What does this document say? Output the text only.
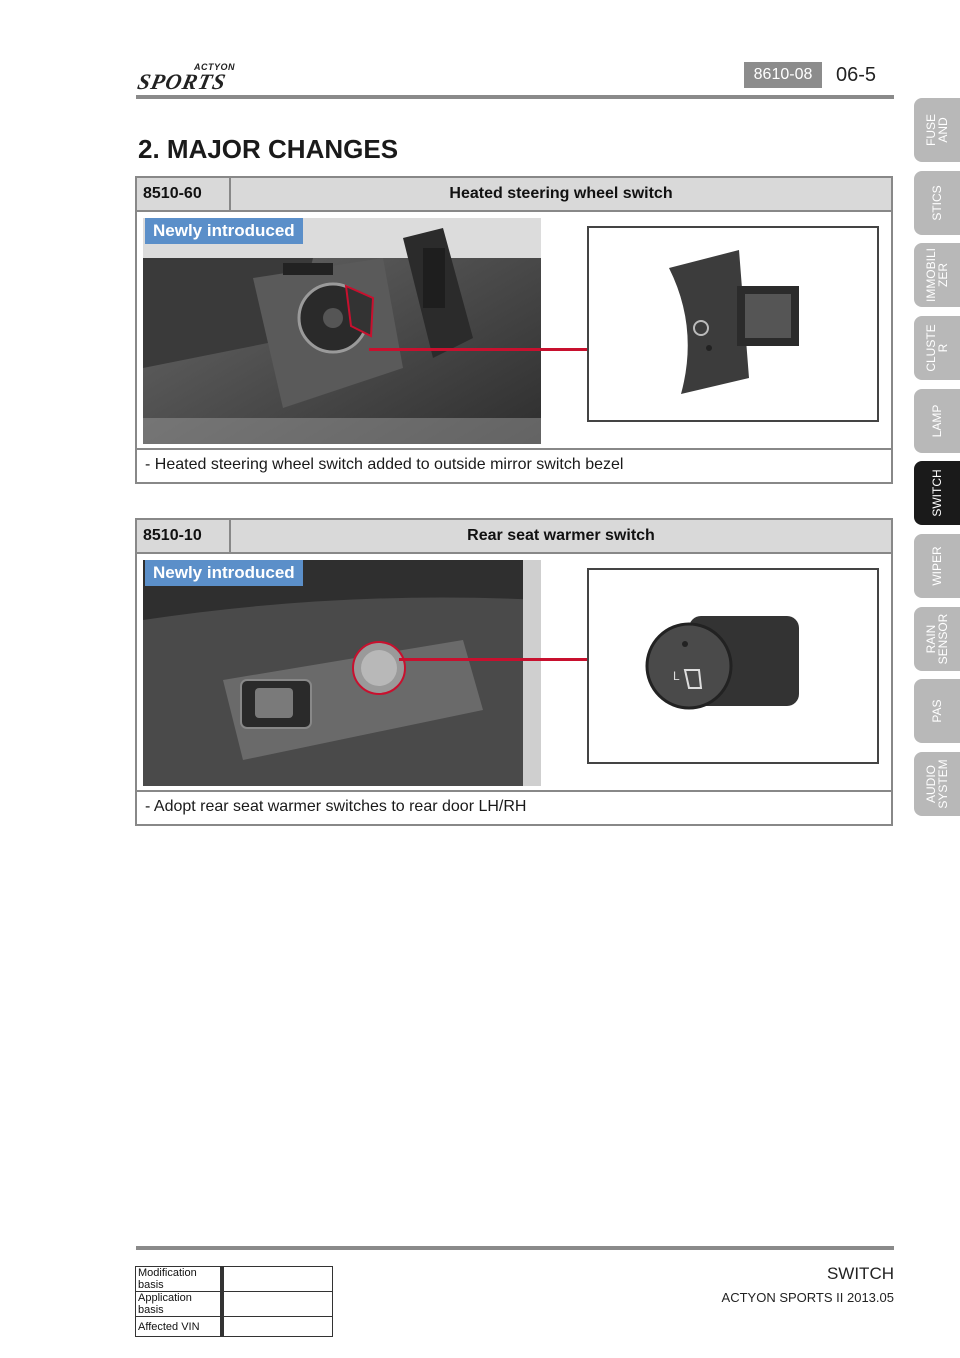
ACTYON
SPORTS	8610-08	06-5
2. MAJOR CHANGES
8510-60	Heated steering wheel switch
Newly introduced
- Heated steering wheel switch added to outside mirror switch bezel
8510-10	Rear seat warmer switch
Newly introduced
L
- Adopt rear seat warmer switches to rear door LH/RH
FUSE
AND
STICS
IMMOBILI
ZER
CLUSTE
R
LAMP
SWITCH
WIPER
RAIN
SENSOR
PAS
AUDIO
SYSTEM
Modification basis	
Application basis	
Affected VIN	
SWITCH
ACTYON SPORTS II 2013.05
